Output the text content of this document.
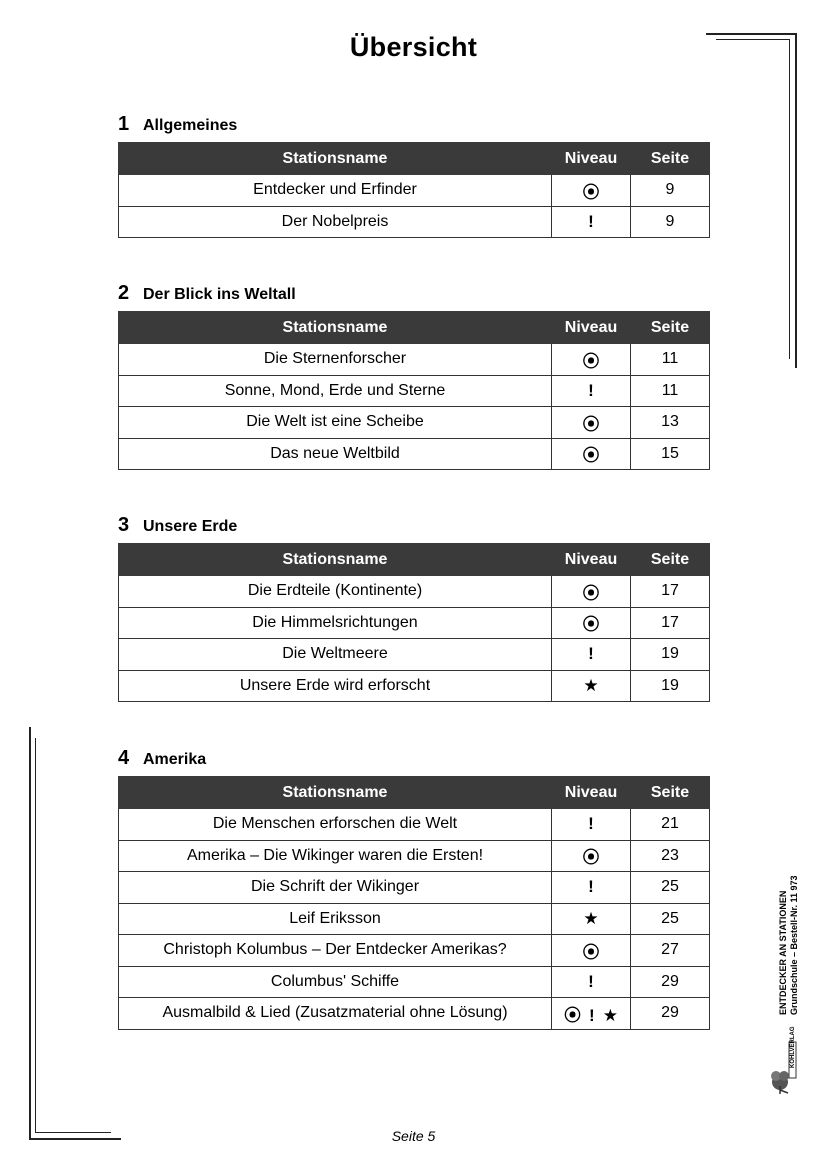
Übersicht
1 Allgemeines
Stationsname	Niveau	Seite
Entdecker und Erfinder	⦿	9
Der Nobelpreis	!	9
2 Der Blick ins Weltall
Stationsname	Niveau	Seite
Die Sternenforscher	⦿	11
Sonne, Mond, Erde und Sterne	!	11
Die Welt ist eine Scheibe	⦿	13
Das neue Weltbild	⦿	15
3 Unsere Erde
Stationsname	Niveau	Seite
Die Erdteile (Kontinente)	⦿	17
Die Himmelsrichtungen	⦿	17
Die Weltmeere	!	19
Unsere Erde wird erforscht	★	19
4 Amerika
Stationsname	Niveau	Seite
Die Menschen erforschen die Welt	!	21
Amerika – Die Wikinger waren die Ersten!	⦿	23
Die Schrift der Wikinger	!	25
Leif Eriksson	★	25
Christoph Kolumbus – Der Entdecker Amerikas?	⦿	27
Columbus' Schiffe	!	29
Ausmalbild & Lied (Zusatzmaterial ohne Lösung)	⦿ ! ★	29
Seite 5
ENTDECKER AN STATIONEN Grundschule – Bestell-Nr. 11 973
KOHLVERLAG
